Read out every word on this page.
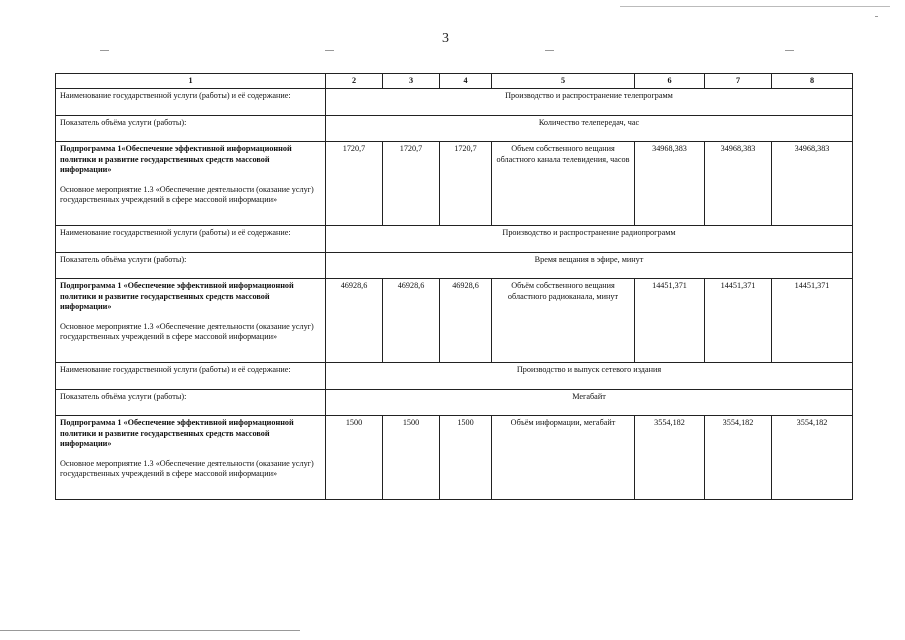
3
1	2	3	4	5	6	7	8
Наименование государственной услуги (работы) и её содержание:	Производство и распространение телепрограмм						
Показатель объёма услуги (работы):	Количество телепередач, час						

Подпрограмма 1«Обеспечение эффективной информационной политики и развитие государственных средств массовой информации»
Основное мероприятие 1.3 «Обеспечение деятельности (оказание услуг) государственных учреждений в сфере массовой информации»	1720,7	1720,7	1720,7	Объем собственного вещания областного канала телевидения, часов	34968,383	34968,383	34968,383
Наименование государственной услуги (работы) и её содержание:	Производство и распространение радиопрограмм						
Показатель объёма услуги (работы):	Время вещания в эфире, минут						

Подпрограмма 1 «Обеспечение эффективной информационной политики и развитие государственных средств массовой информации»
Основное мероприятие 1.3 «Обеспечение деятельности (оказание услуг) государственных учреждений в сфере массовой информации»	46928,6	46928,6	46928,6	Объём собственного вещания областного радиоканала, минут	14451,371	14451,371	14451,371
Наименование государственной услуги (работы) и её содержание:	Производство и выпуск сетевого издания						
Показатель объёма услуги (работы):	Мегабайт						

Подпрограмма 1 «Обеспечение эффективной информационной политики и развитие государственных средств массовой информации»
Основное мероприятие 1.3 «Обеспечение деятельности (оказание услуг) государственных учреждений в сфере массовой информации»	1500	1500	1500	Объём информации, мегабайт	3554,182	3554,182	3554,182
